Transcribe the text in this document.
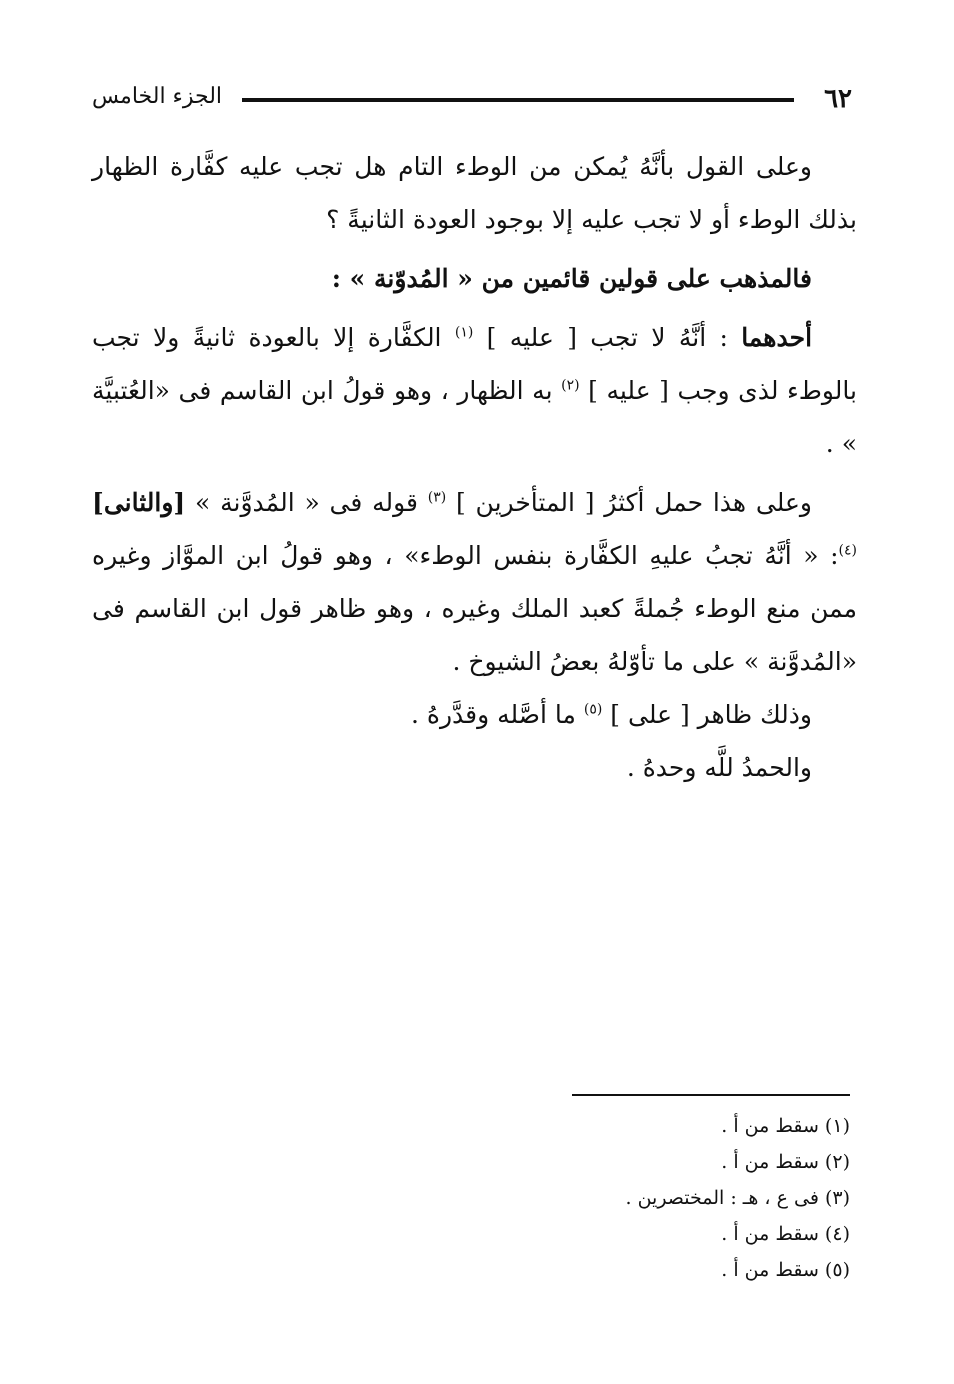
٦٢
الجزء الخامس

وعلى القول بأنَّهُ يُمكن من الوطء التام هل تجب عليه كفَّارة الظهار بذلك الوطء أو لا تجب عليه إلا بوجود العودة الثانيةً ؟

فالمذهب على قولين قائمين من « المُدوّنة » :

أحدهما : أنَّهُ لا تجب [ عليه ] $^{(١)}$ الكفَّارة إلا بالعودة ثانيةً ولا تجب بالوطء لذى وجب [ عليه ] $^{(٢)}$ به الظهار ، وهو قولُ ابن القاسم فى «العُتبيَّة » .

وعلى هذا حمل أكثرُ [ المتأخرين ] $^{(٣)}$ قوله فى « المُدوَّنة » [والثانى]$^{(٤)}$: « أنَّهُ تجبُ عليهِ الكفَّارة بنفس الوطء» ، وهو قولُ ابن الموَّاز وغيره ممن منع الوطء جُملةً كعبد الملك وغيره ، وهو ظاهر قول ابن القاسم فى «المُدوَّنة » على ما تأوّلهُ بعضُ الشيوخ .

وذلك ظاهر [ على ] $^{(٥)}$ ما أصَّله وقدَّرهُ .

والحمدُ للَّه وحدهُ .

(١) سقط من أ .
(٢) سقط من أ .
(٣) فى ع ، هـ : المختصرين .
(٤) سقط من أ .
(٥) سقط من أ .
